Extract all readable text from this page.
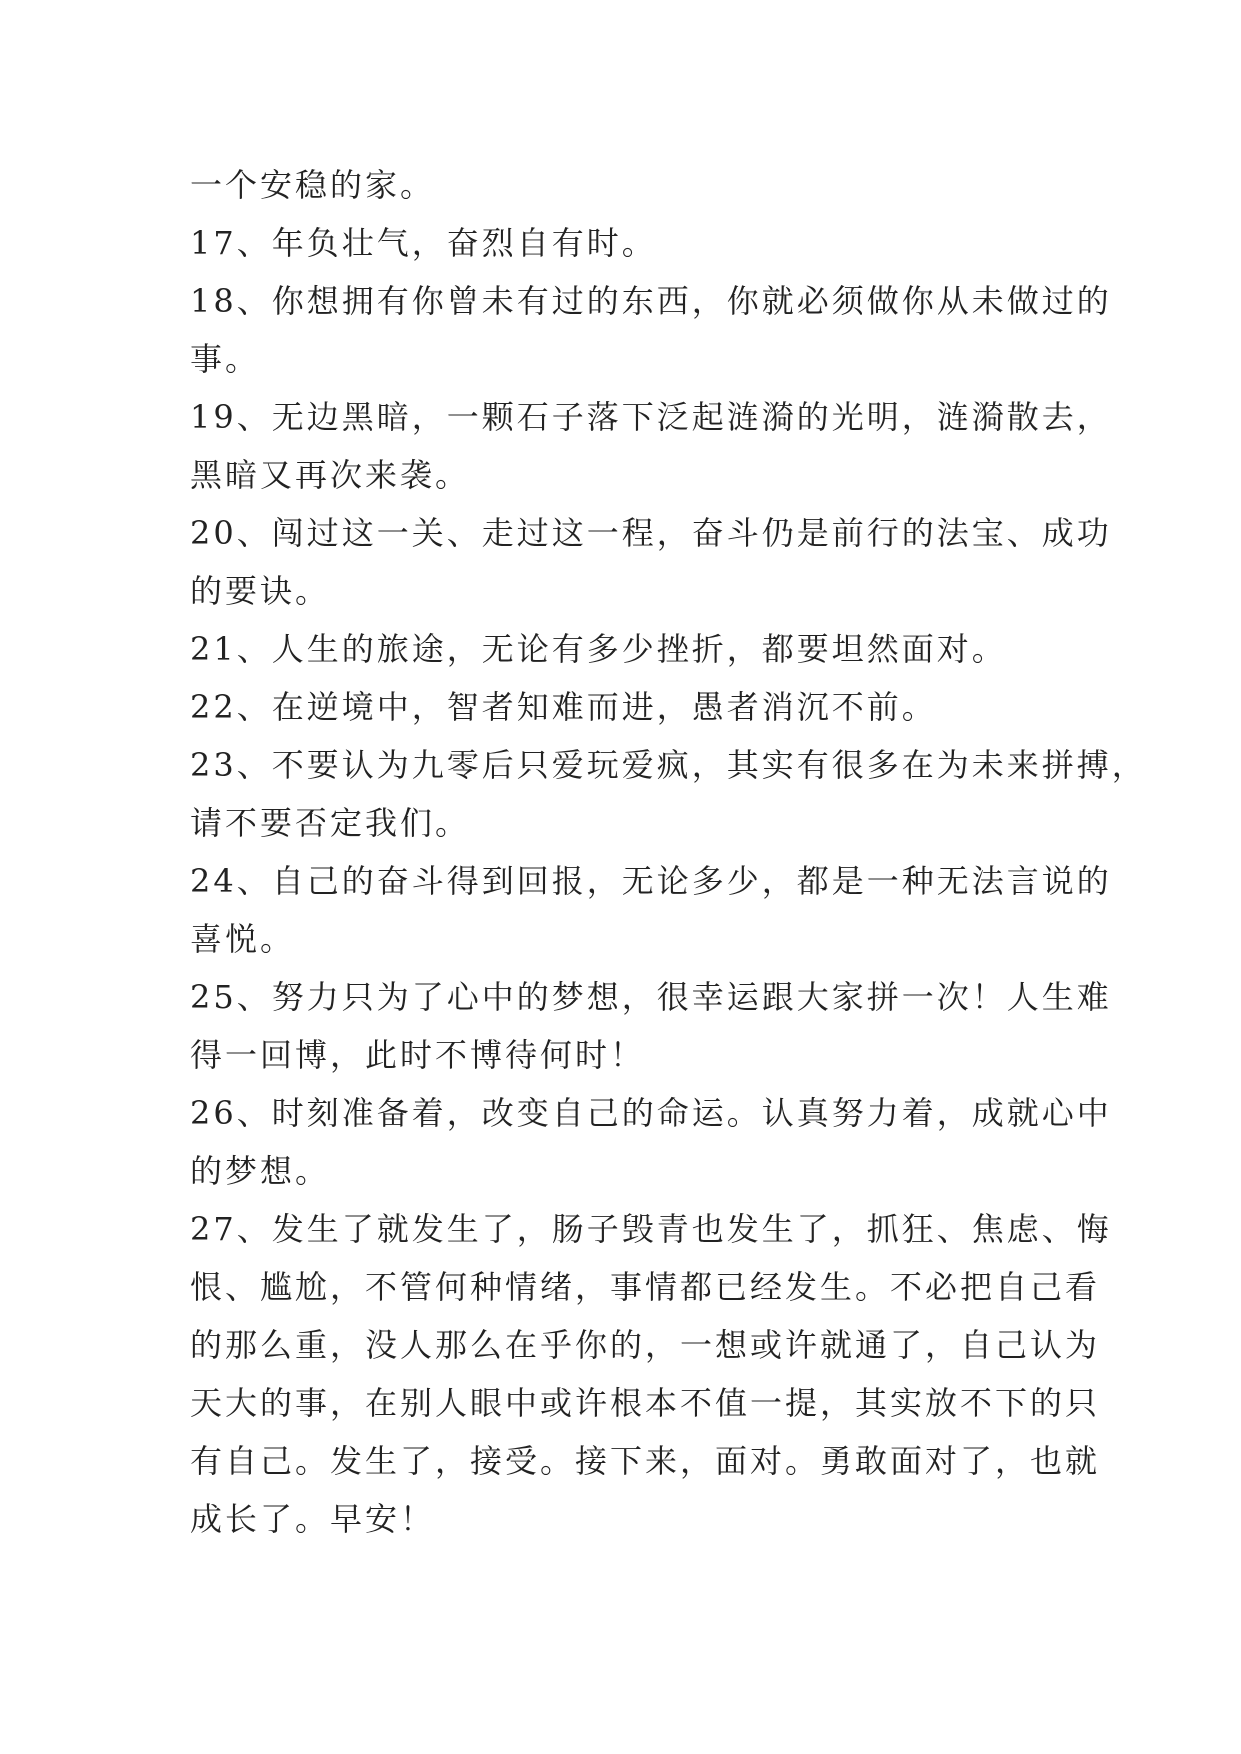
一个安稳的家。
17、年负壮气，奋烈自有时。
18、你想拥有你曾未有过的东西，你就必须做你从未做过的
事。
19、无边黑暗，一颗石子落下泛起涟漪的光明，涟漪散去，
黑暗又再次来袭。
20、闯过这一关、走过这一程，奋斗仍是前行的法宝、成功
的要诀。
21、人生的旅途，无论有多少挫折，都要坦然面对。
22、在逆境中，智者知难而进，愚者消沉不前。
23、不要认为九零后只爱玩爱疯，其实有很多在为未来拼搏，
请不要否定我们。
24、自己的奋斗得到回报，无论多少，都是一种无法言说的
喜悦。
25、努力只为了心中的梦想，很幸运跟大家拼一次！人生难
得一回博，此时不博待何时！
26、时刻准备着，改变自己的命运。认真努力着，成就心中
的梦想。
27、发生了就发生了，肠子毁青也发生了，抓狂、焦虑、悔
恨、尴尬，不管何种情绪，事情都已经发生。不必把自己看
的那么重，没人那么在乎你的，一想或许就通了，自己认为
天大的事，在别人眼中或许根本不值一提，其实放不下的只
有自己。发生了，接受。接下来，面对。勇敢面对了，也就
成长了。早安！
